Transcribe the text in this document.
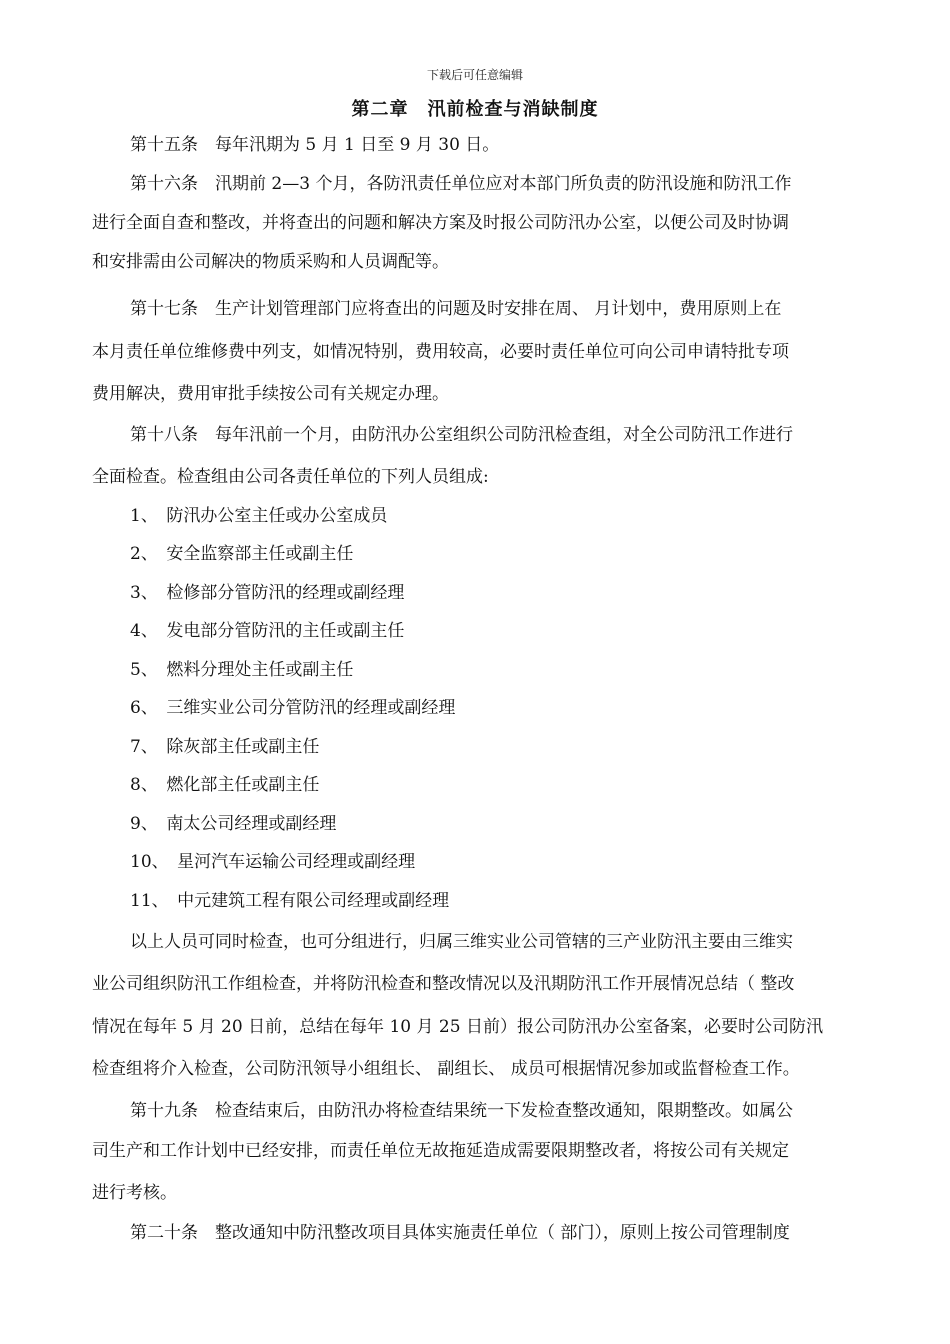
下载后可任意编辑
第二章　汛前检查与消缺制度
第十五条　每年汛期为 5 月 1 日至 9 月 30 日。
第十六条　汛期前 2—3 个月，各防汛责任单位应对本部门所负责的防汛设施和防汛工作
进行全面自查和整改，并将查出的问题和解决方案及时报公司防汛办公室，以便公司及时协调
和安排需由公司解决的物质采购和人员调配等。
第十七条　生产计划管理部门应将查出的问题及时安排在周、 月计划中，费用原则上在
本月责任单位维修费中列支，如情况特别，费用较高，必要时责任单位可向公司申请特批专项
费用解决，费用审批手续按公司有关规定办理。
第十八条　每年汛前一个月，由防汛办公室组织公司防汛检查组，对全公司防汛工作进行
全面检查。检查组由公司各责任单位的下列人员组成:
1、　防汛办公室主任或办公室成员
2、　安全监察部主任或副主任
3、　检修部分管防汛的经理或副经理
4、　发电部分管防汛的主任或副主任
5、　燃料分理处主任或副主任
6、　三维实业公司分管防汛的经理或副经理
7、　除灰部主任或副主任
8、　燃化部主任或副主任
9、　南太公司经理或副经理
10、　星河汽车运输公司经理或副经理
11、　中元建筑工程有限公司经理或副经理
以上人员可同时检查，也可分组进行，归属三维实业公司管辖的三产业防汛主要由三维实
业公司组织防汛工作组检查，并将防汛检查和整改情况以及汛期防汛工作开展情况总结（ 整改
情况在每年 5 月 20 日前，总结在每年 10 月 25 日前）报公司防汛办公室备案，必要时公司防汛
检查组将介入检查，公司防汛领导小组组长、 副组长、 成员可根据情况参加或监督检查工作。
第十九条　检查结束后，由防汛办将检查结果统一下发检查整改通知，限期整改。如属公
司生产和工作计划中已经安排，而责任单位无故拖延造成需要限期整改者，将按公司有关规定
进行考核。
第二十条　整改通知中防汛整改项目具体实施责任单位（ 部门），原则上按公司管理制度
